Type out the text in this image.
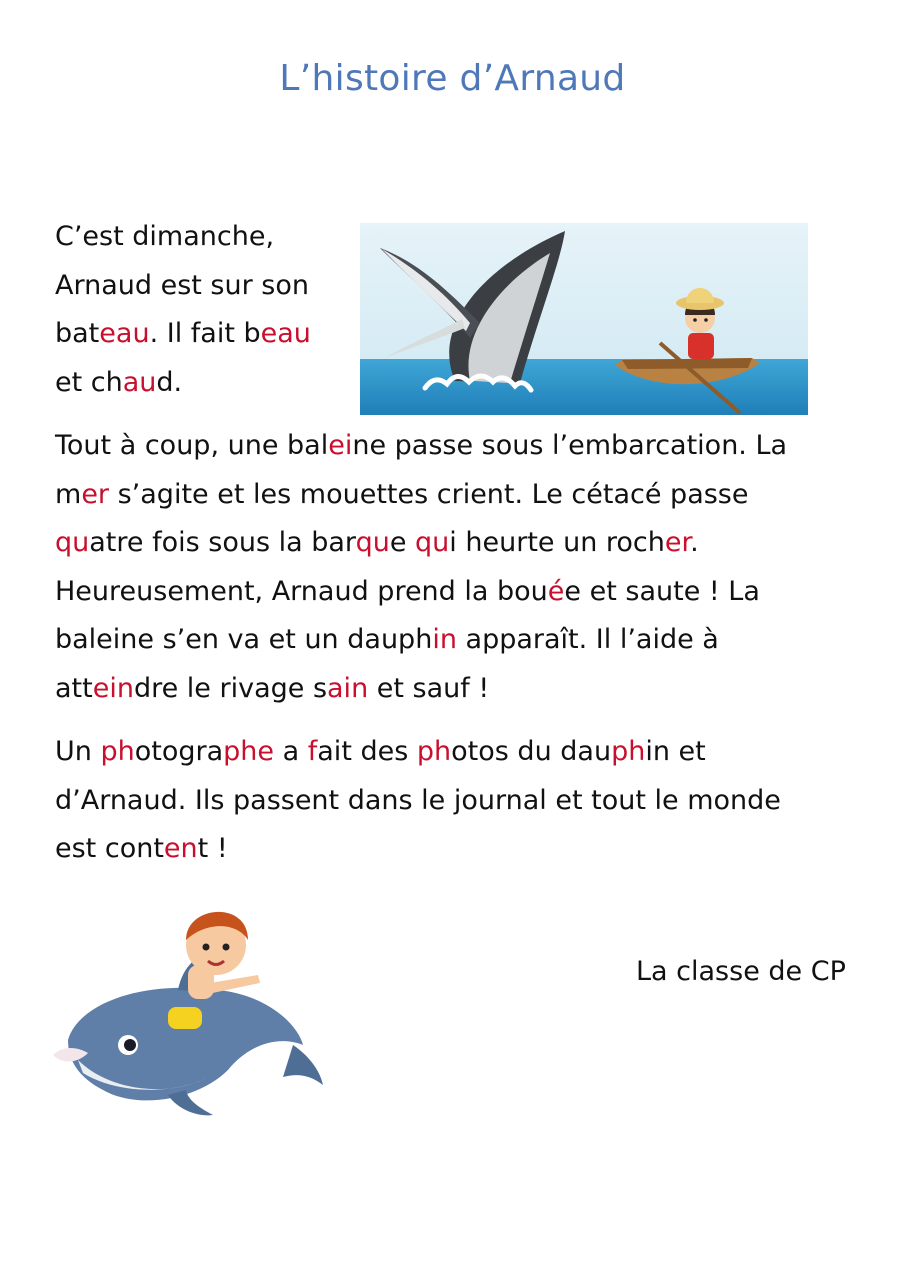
L’histoire d’Arnaud

C’est dimanche,
Arnaud est sur son
bateau. Il fait beau
et chaud.

Tout à coup, une baleine passe sous l’embarcation. La
mer s’agite et les mouettes crient. Le cétacé passe
quatre fois sous la barque qui heurte un rocher.
Heureusement, Arnaud prend la bouée et saute ! La
baleine s’en va et un dauphin apparaît. Il l’aide à
atteindre le rivage sain et sauf !

Un photographe a fait des photos du dauphin et
d’Arnaud. Ils passent dans le journal et tout le monde
est content !

La classe de CP
